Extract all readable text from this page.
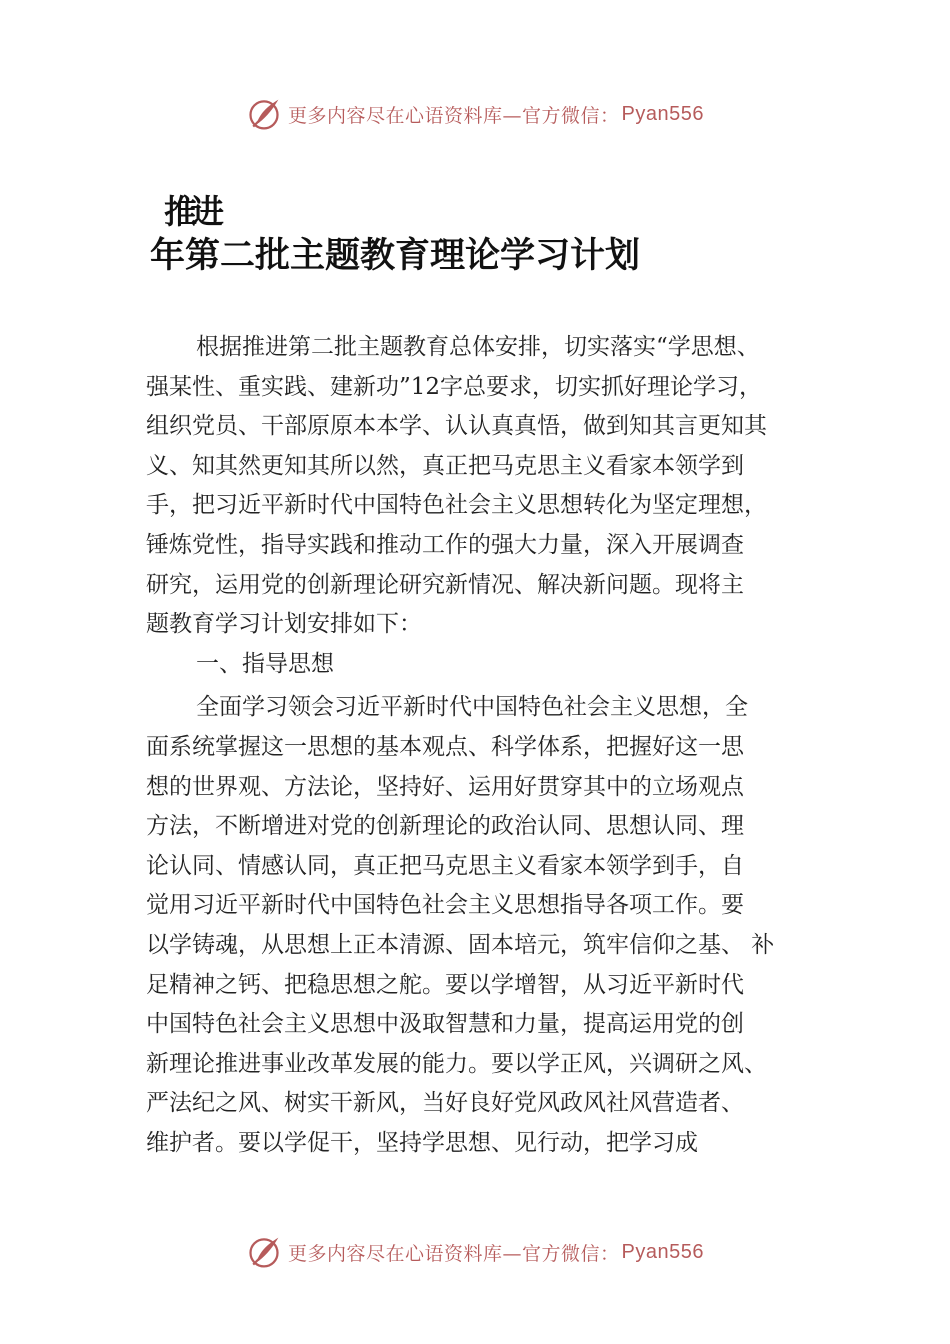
更多内容尽在心语资料库—官方微信： Pyan556
推进
年第二批主题教育理论学习计划

根据推进第二批主题教育总体安排，切实落实“学思想、
强某性、重实践、建新功”12字总要求，切实抓好理论学习，
组织党员、干部原原本本学、认认真真悟，做到知其言更知其
义、知其然更知其所以然，真正把马克思主义看家本领学到
手，把习近平新时代中国特色社会主义思想转化为坚定理想，
锤炼党性，指导实践和推动工作的强大力量，深入开展调查
研究，运用党的创新理论研究新情况、解决新问题。现将主
题教育学习计划安排如下：

一、指导思想

全面学习领会习近平新时代中国特色社会主义思想，全
面系统掌握这一思想的基本观点、科学体系，把握好这一思
想的世界观、方法论，坚持好、运用好贯穿其中的立场观点
方法，不断增进对党的创新理论的政治认同、思想认同、理
论认同、情感认同，真正把马克思主义看家本领学到手，自
觉用习近平新时代中国特色社会主义思想指导各项工作。要
以学铸魂，从思想上正本清源、固本培元，筑牢信仰之基、 补
足精神之钙、把稳思想之舵。要以学增智，从习近平新时代
中国特色社会主义思想中汲取智慧和力量，提高运用党的创
新理论推进事业改革发展的能力。要以学正风，兴调研之风、
严法纪之风、树实干新风，当好良好党风政风社风营造者、
维护者。要以学促干，坚持学思想、见行动，把学习成

更多内容尽在心语资料库—官方微信： Pyan556
